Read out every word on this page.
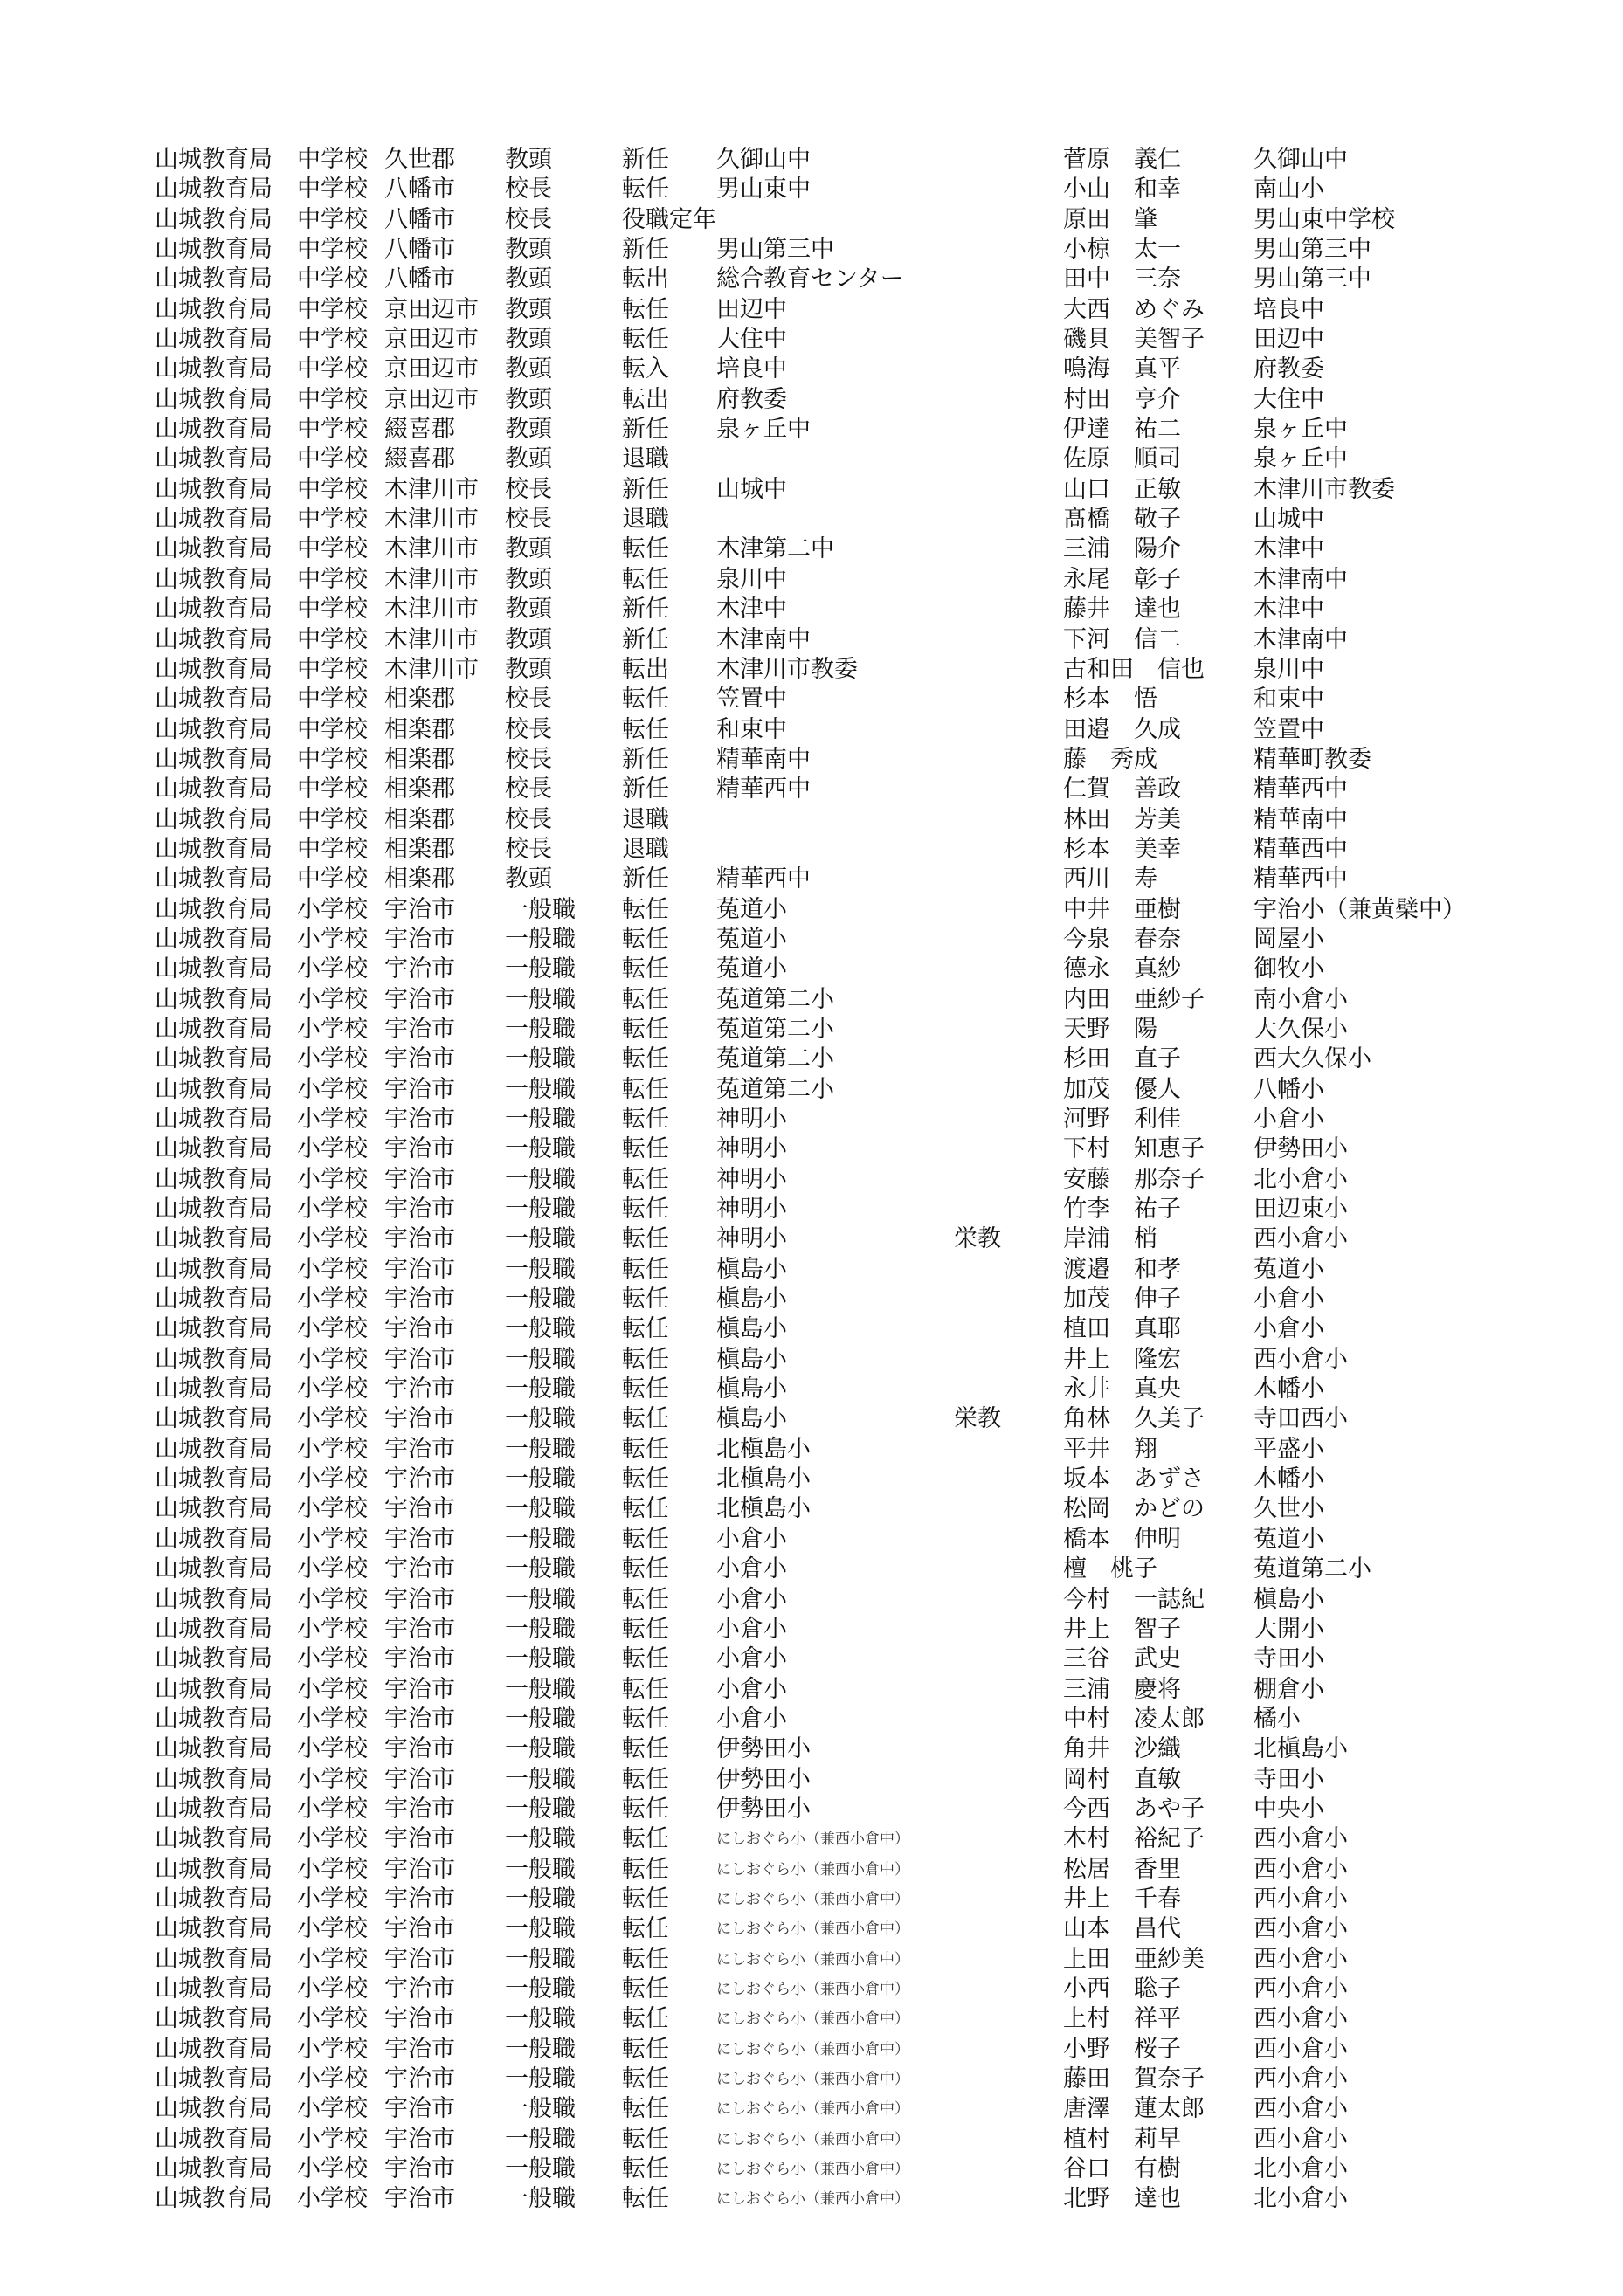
山城教育局 中学校 久世郡 教頭	新任 久御山中	菅原　義仁	久御山中
山城教育局 中学校 八幡市 校長	転任 男山東中	小山　和幸	南山小
山城教育局 中学校 八幡市 校長	役職定年	原田　肇	男山東中学校
山城教育局 中学校 八幡市 教頭	新任 男山第三中	小椋　太一	男山第三中
山城教育局 中学校 八幡市 教頭	転出 総合教育センター	田中　三奈	男山第三中
山城教育局 中学校 京田辺市 教頭	転任 田辺中	大西　めぐみ 培良中
山城教育局 中学校 京田辺市 教頭	転任 大住中	磯貝　美智子 田辺中
山城教育局 中学校 京田辺市 教頭	転入 培良中	鳴海　真平	府教委
山城教育局 中学校 京田辺市 教頭	転出 府教委	村田　亨介	大住中
山城教育局 中学校 綴喜郡 教頭	新任 泉ヶ丘中	伊達　祐二	泉ヶ丘中
山城教育局 中学校 綴喜郡 教頭	退職	佐原　順司	泉ヶ丘中
山城教育局 中学校 木津川市 校長	新任 山城中	山口　正敏	木津川市教委
山城教育局 中学校 木津川市 校長	退職	髙橋　敬子	山城中
山城教育局 中学校 木津川市 教頭	転任 木津第二中	三浦　陽介	木津中
山城教育局 中学校 木津川市 教頭	転任 泉川中	永尾　彰子	木津南中
山城教育局 中学校 木津川市 教頭	新任 木津中	藤井　達也	木津中
山城教育局 中学校 木津川市 教頭	新任 木津南中	下河　信二	木津南中
山城教育局 中学校 木津川市 教頭	転出 木津川市教委	古和田　信也 泉川中
山城教育局 中学校 相楽郡 校長	転任 笠置中	杉本　悟	和束中
山城教育局 中学校 相楽郡 校長	転任 和束中	田邉　久成	笠置中
山城教育局 中学校 相楽郡 校長	新任 精華南中	藤　秀成	精華町教委
山城教育局 中学校 相楽郡 校長	新任 精華西中	仁賀　善政	精華西中
山城教育局 中学校 相楽郡 校長	退職	林田　芳美	精華南中
山城教育局 中学校 相楽郡 校長	退職	杉本　美幸	精華西中
山城教育局 中学校 相楽郡 教頭	新任 精華西中	西川　寿	精華西中
山城教育局 小学校 宇治市 一般職 転任 菟道小	中井　亜樹	宇治小（兼黄檗中）
山城教育局 小学校 宇治市 一般職 転任 菟道小	今泉　春奈	岡屋小
山城教育局 小学校 宇治市 一般職 転任 菟道小	德永　真紗	御牧小
山城教育局 小学校 宇治市 一般職 転任 菟道第二小	内田　亜紗子 南小倉小
山城教育局 小学校 宇治市 一般職 転任 菟道第二小	天野　陽	大久保小
山城教育局 小学校 宇治市 一般職 転任 菟道第二小	杉田　直子	西大久保小
山城教育局 小学校 宇治市 一般職 転任 菟道第二小	加茂　優人	八幡小
山城教育局 小学校 宇治市 一般職 転任 神明小	河野　利佳	小倉小
山城教育局 小学校 宇治市 一般職 転任 神明小	下村　知恵子 伊勢田小
山城教育局 小学校 宇治市 一般職 転任 神明小	安藤　那奈子 北小倉小
山城教育局 小学校 宇治市 一般職 転任 神明小	竹李　祐子	田辺東小
山城教育局 小学校 宇治市 一般職 転任 神明小	栄教	岸浦　梢	西小倉小
山城教育局 小学校 宇治市 一般職 転任 槇島小	渡邉　和孝	菟道小
山城教育局 小学校 宇治市 一般職 転任 槇島小	加茂　伸子	小倉小
山城教育局 小学校 宇治市 一般職 転任 槇島小	植田　真耶	小倉小
山城教育局 小学校 宇治市 一般職 転任 槇島小	井上　隆宏	西小倉小
山城教育局 小学校 宇治市 一般職 転任 槇島小	永井　真央	木幡小
山城教育局 小学校 宇治市 一般職 転任 槇島小	栄教	角林　久美子 寺田西小
山城教育局 小学校 宇治市 一般職 転任 北槇島小	平井　翔	平盛小
山城教育局 小学校 宇治市 一般職 転任 北槇島小	坂本　あずさ 木幡小
山城教育局 小学校 宇治市 一般職 転任 北槇島小	松岡　かどの 久世小
山城教育局 小学校 宇治市 一般職 転任 小倉小	橋本　伸明	菟道小
山城教育局 小学校 宇治市 一般職 転任 小倉小	檀　桃子	菟道第二小
山城教育局 小学校 宇治市 一般職 転任 小倉小	今村　一誌紀 槇島小
山城教育局 小学校 宇治市 一般職 転任 小倉小	井上　智子	大開小
山城教育局 小学校 宇治市 一般職 転任 小倉小	三谷　武史	寺田小
山城教育局 小学校 宇治市 一般職 転任 小倉小	三浦　慶将	棚倉小
山城教育局 小学校 宇治市 一般職 転任 小倉小	中村　凌太郎 橘小
山城教育局 小学校 宇治市 一般職 転任 伊勢田小	角井　沙織	北槇島小
山城教育局 小学校 宇治市 一般職 転任 伊勢田小	岡村　直敏	寺田小
山城教育局 小学校 宇治市 一般職 転任 伊勢田小	今西　あや子 中央小
山城教育局 小学校 宇治市 一般職 転任	にしおぐら小（兼西小倉中）	木村　裕紀子 西小倉小
山城教育局 小学校 宇治市 一般職 転任	にしおぐら小（兼西小倉中）	松居　香里	西小倉小
山城教育局 小学校 宇治市 一般職 転任	にしおぐら小（兼西小倉中）	井上　千春	西小倉小
山城教育局 小学校 宇治市 一般職 転任	にしおぐら小（兼西小倉中）	山本　昌代	西小倉小
山城教育局 小学校 宇治市 一般職 転任	にしおぐら小（兼西小倉中）	上田　亜紗美 西小倉小
山城教育局 小学校 宇治市 一般職 転任	にしおぐら小（兼西小倉中）	小西　聡子	西小倉小
山城教育局 小学校 宇治市 一般職 転任	にしおぐら小（兼西小倉中）	上村　祥平	西小倉小
山城教育局 小学校 宇治市 一般職 転任	にしおぐら小（兼西小倉中）	小野　桜子	西小倉小
山城教育局 小学校 宇治市 一般職 転任	にしおぐら小（兼西小倉中）	藤田　賀奈子 西小倉小
山城教育局 小学校 宇治市 一般職 転任	にしおぐら小（兼西小倉中）	唐澤　蓮太郎 西小倉小
山城教育局 小学校 宇治市 一般職 転任	にしおぐら小（兼西小倉中）	植村　莉早	西小倉小
山城教育局 小学校 宇治市 一般職 転任	にしおぐら小（兼西小倉中）	谷口　有樹	北小倉小
山城教育局 小学校 宇治市 一般職 転任	にしおぐら小（兼西小倉中）	北野　達也	北小倉小
